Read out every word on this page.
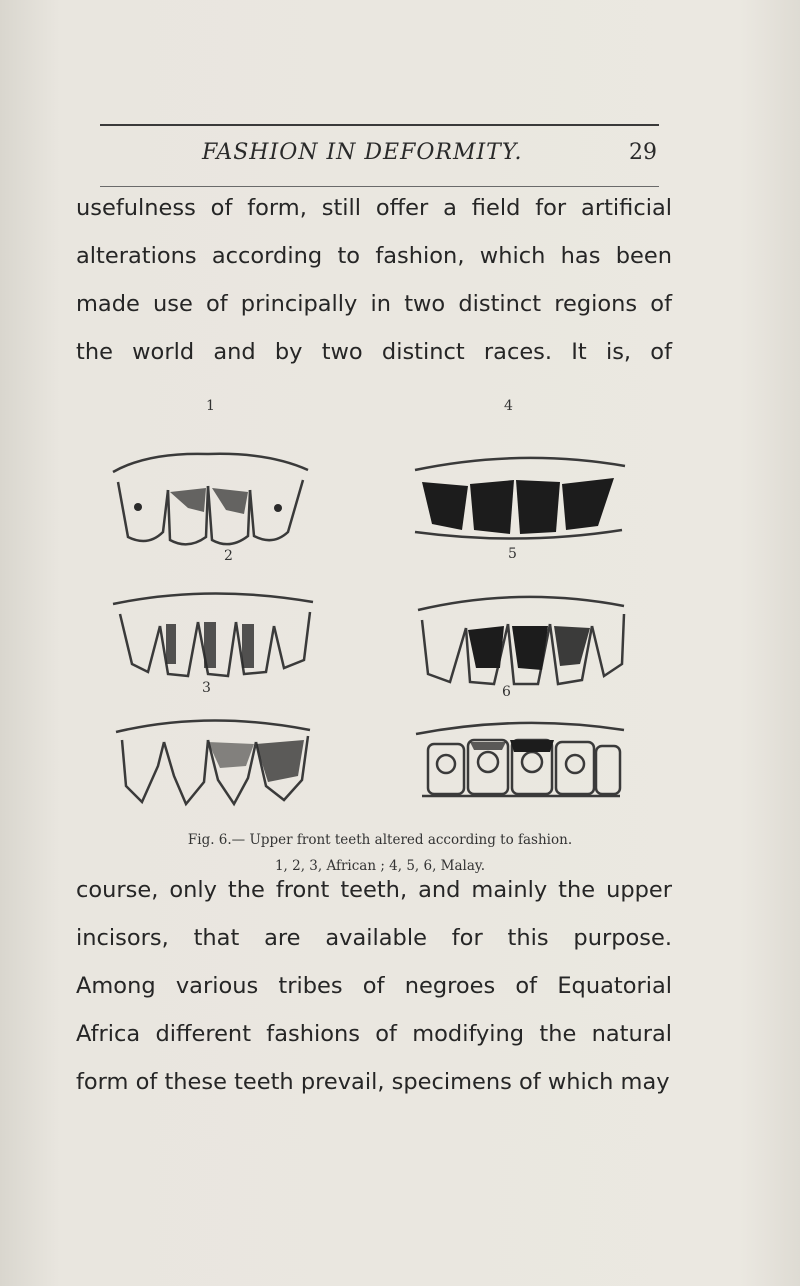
FASHION IN DEFORMITY.	29

usefulness of form, still offer a field for artificial
alterations according to fashion, which has been
made use of principally in two distinct regions of
the world and by two distinct races. It is, of

1
2
3
4
5
6
Fig. 6.— Upper front teeth altered according to fashion.
1, 2, 3, African ; 4, 5, 6, Malay.

course, only the front teeth, and mainly the upper
incisors, that are available for this purpose.
Among various tribes of negroes of Equatorial
Africa different fashions of modifying the natural
form of these teeth prevail, specimens of which may
